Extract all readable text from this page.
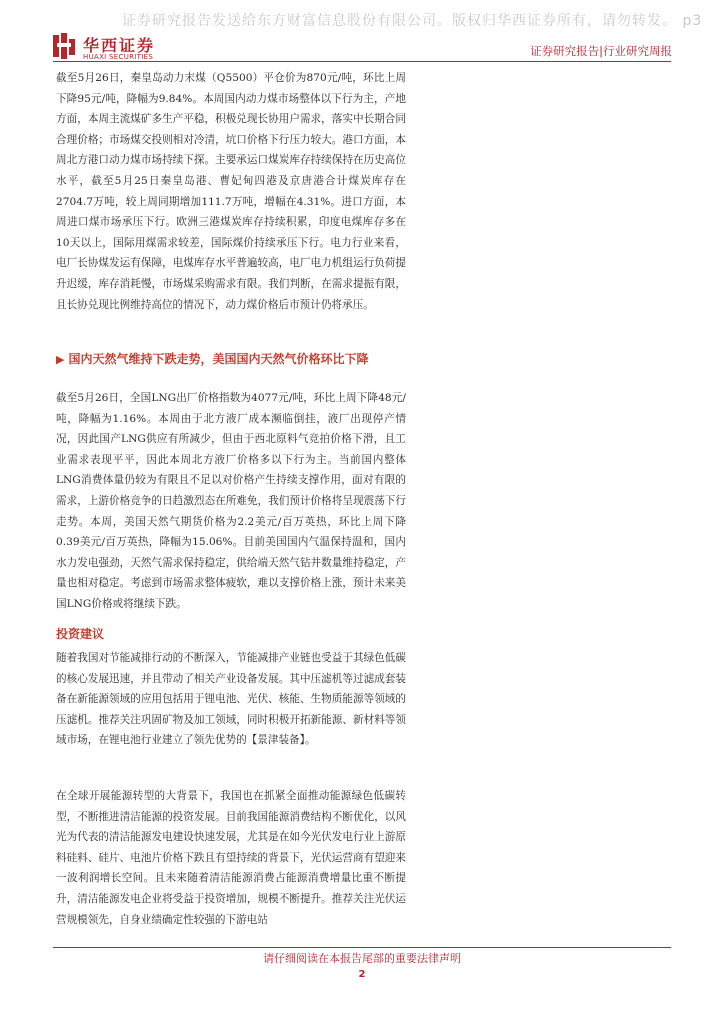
证券研究报告发送给东方财富信息股份有限公司。版权归华西证券所有，请勿转发。 p3
华西证券
HUAXI SECURITIES	证券研究报告|行业研究周报

截至5月26日，秦皇岛动力末煤（Q5500）平仓价为870元/吨，环比上周下降95元/吨，降幅为9.84%。本周国内动力煤市场整体以下行为主，产地方面，本周主流煤矿多生产平稳，积极兑现长协用户需求，落实中长期合同合理价格；市场煤交投则相对冷清，坑口价格下行压力较大。港口方面，本周北方港口动力煤市场持续下探。主要承运口煤炭库存持续保持在历史高位水平，截至5月25日秦皇岛港、曹妃甸四港及京唐港合计煤炭库存在2704.7万吨，较上周同期增加111.7万吨，增幅在4.31%。进口方面，本周进口煤市场承压下行。欧洲三港煤炭库存持续积累，印度电煤库存多在10天以上，国际用煤需求较差，国际煤价持续承压下行。电力行业来看，电厂长协煤发运有保障，电煤库存水平普遍较高，电厂电力机组运行负荷提升迟缓，库存消耗慢，市场煤采购需求有限。我们判断，在需求提振有限，且长协兑现比例维持高位的情况下，动力煤价格后市预计仍将承压。

▶ 国内天然气维持下跌走势，美国国内天然气价格环比下降

截至5月26日，全国LNG出厂价格指数为4077元/吨，环比上周下降48元/吨，降幅为1.16%。本周由于北方液厂成本濒临倒挂，液厂出现停产情况，因此国产LNG供应有所减少，但由于西北原料气竞拍价格下滑，且工业需求表现平平，因此本周北方液厂价格多以下行为主。当前国内整体LNG消费体量仍较为有限且不足以对价格产生持续支撑作用，面对有限的需求，上游价格竞争的日趋激烈态在所难免，我们预计价格将呈现震荡下行走势。本周，美国天然气期货价格为2.2美元/百万英热，环比上周下降0.39美元/百万英热，降幅为15.06%。目前美国国内气温保持温和，国内水力发电强劲，天然气需求保持稳定，供给端天然气钻井数量维持稳定，产量也相对稳定。考虑到市场需求整体疲软，难以支撑价格上涨，预计未来美国LNG价格或将继续下跌。

投资建议

随着我国对节能减排行动的不断深入，节能减排产业链也受益于其绿色低碳的核心发展迅速，并且带动了相关产业设备发展。其中压滤机等过滤成套装备在新能源领域的应用包括用于锂电池、光伏、核能、生物质能源等领域的压滤机。推荐关注巩固矿物及加工领域，同时积极开拓新能源、新材料等领域市场，在锂电池行业建立了领先优势的【景津装备】。

在全球开展能源转型的大背景下，我国也在抓紧全面推动能源绿色低碳转型，不断推进清洁能源的投资发展。目前我国能源消费结构不断优化，以风光为代表的清洁能源发电建设快速发展，尤其是在如今光伏发电行业上游原料硅料、硅片、电池片价格下跌且有望持续的背景下，光伏运营商有望迎来一波利润增长空间。且未来随着清洁能源消费占能源消费增量比重不断提升，清洁能源发电企业将受益于投资增加，规模不断提升。推荐关注光伏运营规模领先，自身业绩确定性较强的下游电站

请仔细阅读在本报告尾部的重要法律声明
2
